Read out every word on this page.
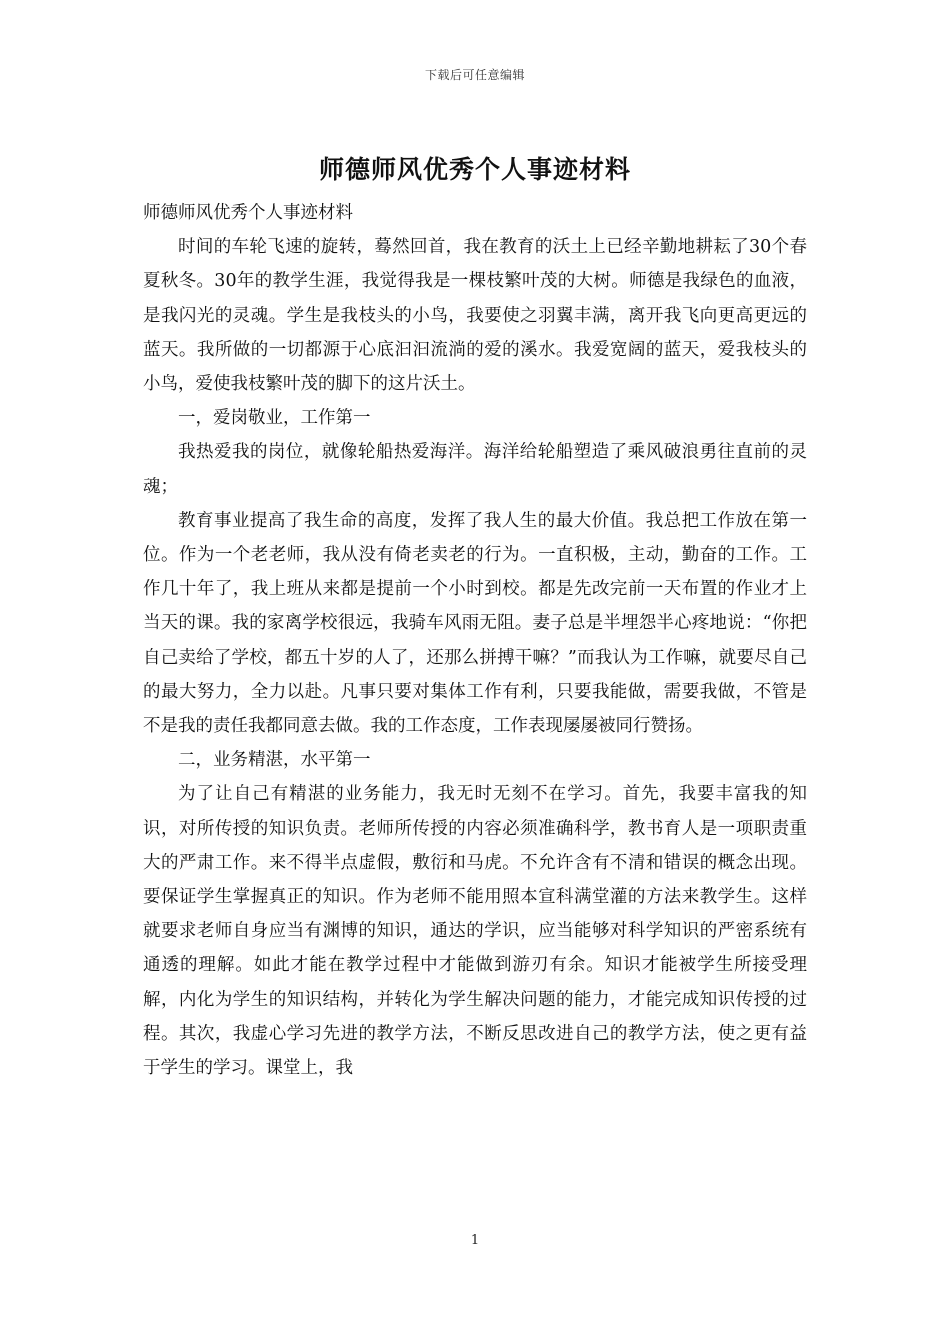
下载后可任意编辑
师德师风优秀个人事迹材料

师德师风优秀个人事迹材料

时间的车轮飞速的旋转，蓦然回首，我在教育的沃土上已经辛勤地耕耘了30个春夏秋冬。30年的教学生涯，我觉得我是一棵枝繁叶茂的大树。师德是我绿色的血液，是我闪光的灵魂。学生是我枝头的小鸟，我要使之羽翼丰满，离开我飞向更高更远的蓝天。我所做的一切都源于心底汩汩流淌的爱的溪水。我爱宽阔的蓝天，爱我枝头的小鸟，爱使我枝繁叶茂的脚下的这片沃土。

一，爱岗敬业，工作第一

我热爱我的岗位，就像轮船热爱海洋。海洋给轮船塑造了乘风破浪勇往直前的灵魂；

教育事业提高了我生命的高度，发挥了我人生的最大价值。我总把工作放在第一位。作为一个老老师，我从没有倚老卖老的行为。一直积极，主动，勤奋的工作。工作几十年了，我上班从来都是提前一个小时到校。都是先改完前一天布置的作业才上当天的课。我的家离学校很远，我骑车风雨无阻。妻子总是半埋怨半心疼地说：“你把自己卖给了学校，都五十岁的人了，还那么拼搏干嘛？”而我认为工作嘛，就要尽自己的最大努力，全力以赴。凡事只要对集体工作有利，只要我能做，需要我做，不管是不是我的责任我都同意去做。我的工作态度，工作表现屡屡被同行赞扬。

二，业务精湛，水平第一

为了让自己有精湛的业务能力，我无时无刻不在学习。首先，我要丰富我的知识，对所传授的知识负责。老师所传授的内容必须准确科学，教书育人是一项职责重大的严肃工作。来不得半点虚假，敷衍和马虎。不允许含有不清和错误的概念出现。要保证学生掌握真正的知识。作为老师不能用照本宣科满堂灌的方法来教学生。这样就要求老师自身应当有渊博的知识，通达的学识，应当能够对科学知识的严密系统有通透的理解。如此才能在教学过程中才能做到游刃有余。知识才能被学生所接受理解，内化为学生的知识结构，并转化为学生解决问题的能力，才能完成知识传授的过程。其次，我虚心学习先进的教学方法，不断反思改进自己的教学方法，使之更有益于学生的学习。课堂上，我

1
